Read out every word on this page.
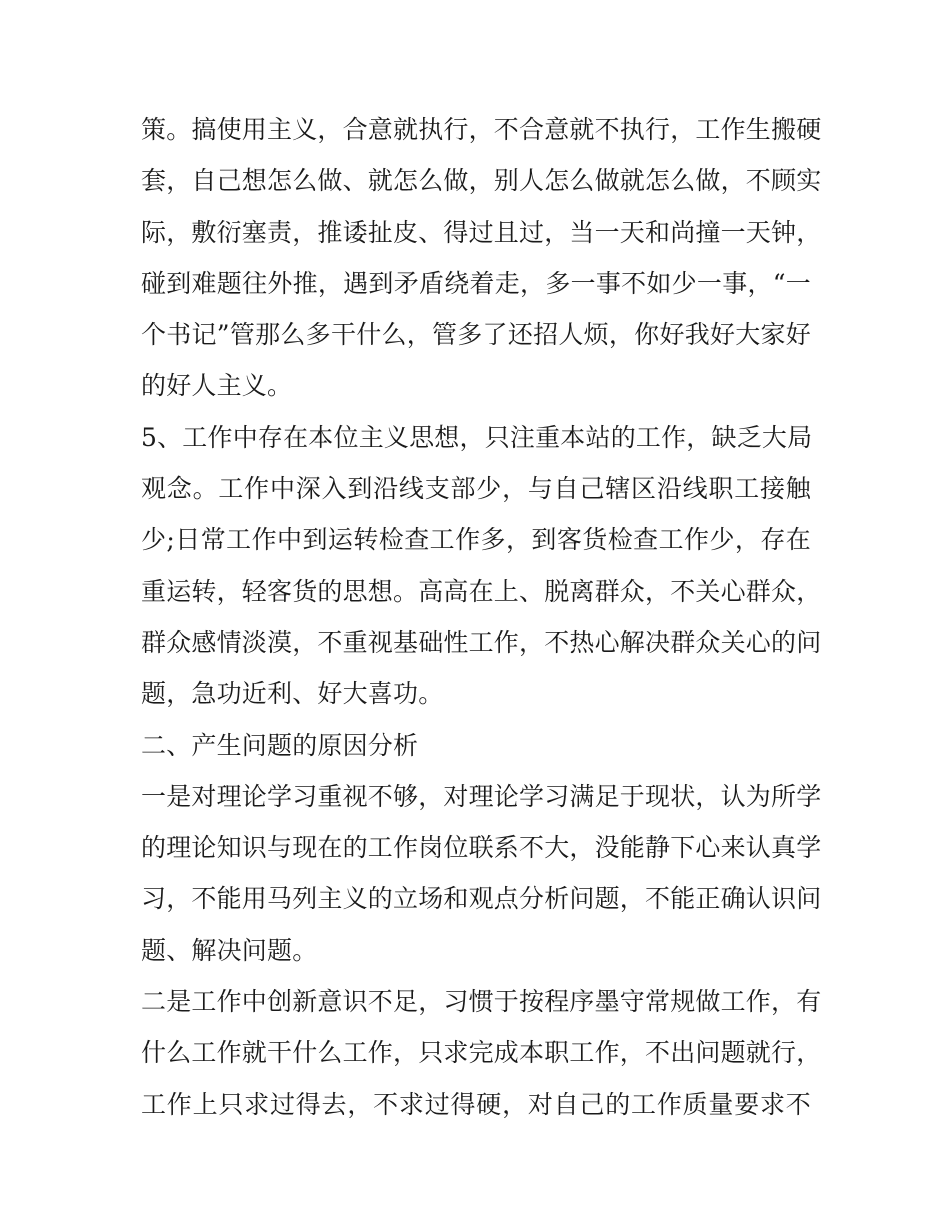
策。搞使用主义，合意就执行，不合意就不执行，工作生搬硬
套，自己想怎么做、就怎么做，别人怎么做就怎么做，不顾实
际，敷衍塞责，推诿扯皮、得过且过，当一天和尚撞一天钟，
碰到难题往外推，遇到矛盾绕着走，多一事不如少一事，“一
个书记”管那么多干什么，管多了还招人烦，你好我好大家好
的好人主义。
5、工作中存在本位主义思想，只注重本站的工作，缺乏大局
观念。工作中深入到沿线支部少，与自己辖区沿线职工接触
少;日常工作中到运转检查工作多，到客货检查工作少，存在
重运转，轻客货的思想。高高在上、脱离群众，不关心群众，
群众感情淡漠，不重视基础性工作，不热心解决群众关心的问
题，急功近利、好大喜功。
二、产生问题的原因分析
一是对理论学习重视不够，对理论学习满足于现状，认为所学
的理论知识与现在的工作岗位联系不大，没能静下心来认真学
习，不能用马列主义的立场和观点分析问题，不能正确认识问
题、解决问题。
二是工作中创新意识不足，习惯于按程序墨守常规做工作，有
什么工作就干什么工作，只求完成本职工作，不出问题就行，
工作上只求过得去，不求过得硬，对自己的工作质量要求不
